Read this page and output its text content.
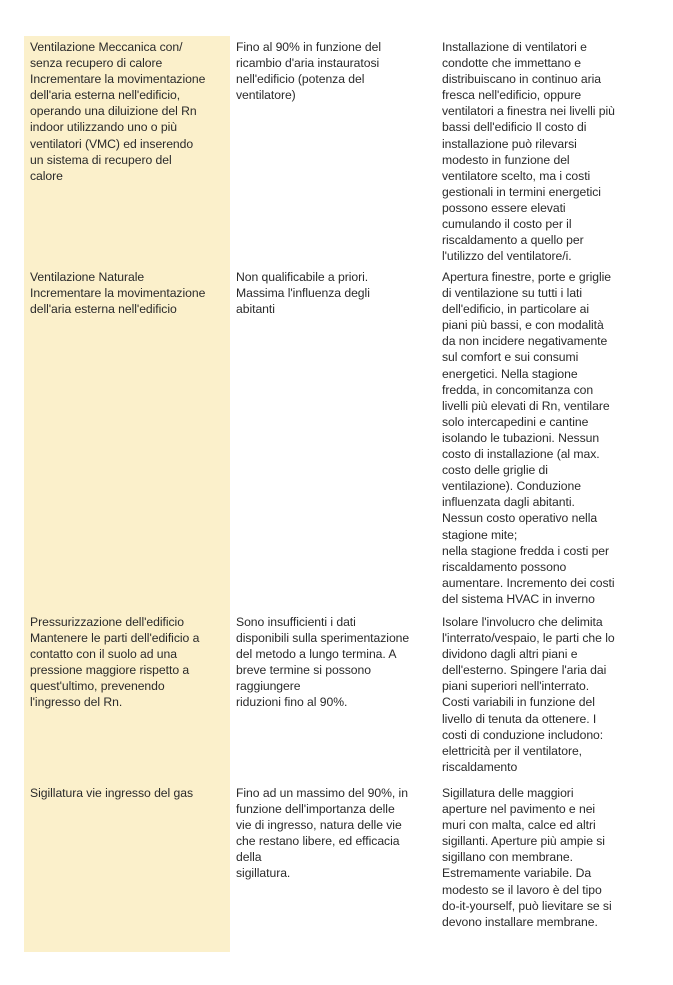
Ventilazione Meccanica con/
senza recupero di calore
Incrementare la movimentazione
dell'aria esterna nell'edificio,
operando una diluizione del Rn
indoor utilizzando uno o più
ventilatori (VMC) ed inserendo
un sistema di recupero del
calore
Fino al 90% in funzione del
ricambio d'aria instauratosi
nell'edificio (potenza del
ventilatore)
Installazione di ventilatori e
condotte che immettano e
distribuiscano in continuo aria
fresca nell'edificio, oppure
ventilatori a finestra nei livelli più
bassi dell'edificio Il costo di
installazione può rilevarsi
modesto in funzione del
ventilatore scelto, ma i costi
gestionali in termini energetici
possono essere elevati
cumulando il costo per il
riscaldamento a quello per
l'utilizzo del ventilatore/i.
Ventilazione Naturale
Incrementare la movimentazione
dell'aria esterna nell'edificio
Non qualificabile a priori.
Massima l'influenza degli
abitanti
Apertura finestre, porte e griglie
di ventilazione su tutti i lati
dell'edificio, in particolare ai
piani più bassi, e con modalità
da non incidere negativamente
sul comfort e sui consumi
energetici. Nella stagione
fredda, in concomitanza con
livelli più elevati di Rn, ventilare
solo intercapedini e cantine
isolando le tubazioni. Nessun
costo di installazione (al max.
costo delle griglie di
ventilazione). Conduzione
influenzata dagli abitanti.
Nessun costo operativo nella
stagione mite;
nella stagione fredda i costi per
riscaldamento possono
aumentare. Incremento dei costi
del sistema HVAC in inverno
Pressurizzazione dell'edificio
Mantenere le parti dell'edificio a
contatto con il suolo ad una
pressione maggiore rispetto a
quest'ultimo, prevenendo
l'ingresso del Rn.
Sono insufficienti i dati
disponibili sulla sperimentazione
del metodo a lungo termina. A
breve termine si possono
raggiungere
riduzioni fino al 90%.
Isolare l'involucro che delimita
l'interrato/vespaio, le parti che lo
dividono dagli altri piani e
dell'esterno. Spingere l'aria dai
piani superiori nell'interrato.
Costi variabili in funzione del
livello di tenuta da ottenere. I
costi di conduzione includono:
elettricità per il ventilatore,
riscaldamento
Sigillatura vie ingresso del gas	Fino ad un massimo del 90%, in
funzione dell'importanza delle
vie di ingresso, natura delle vie
che restano libere, ed efficacia
della
sigillatura.
Sigillatura delle maggiori
aperture nel pavimento e nei
muri con malta, calce ed altri
sigillanti. Aperture più ampie si
sigillano con membrane.
Estremamente variabile. Da
modesto se il lavoro è del tipo
do-it-yourself, può lievitare se si
devono installare membrane.
